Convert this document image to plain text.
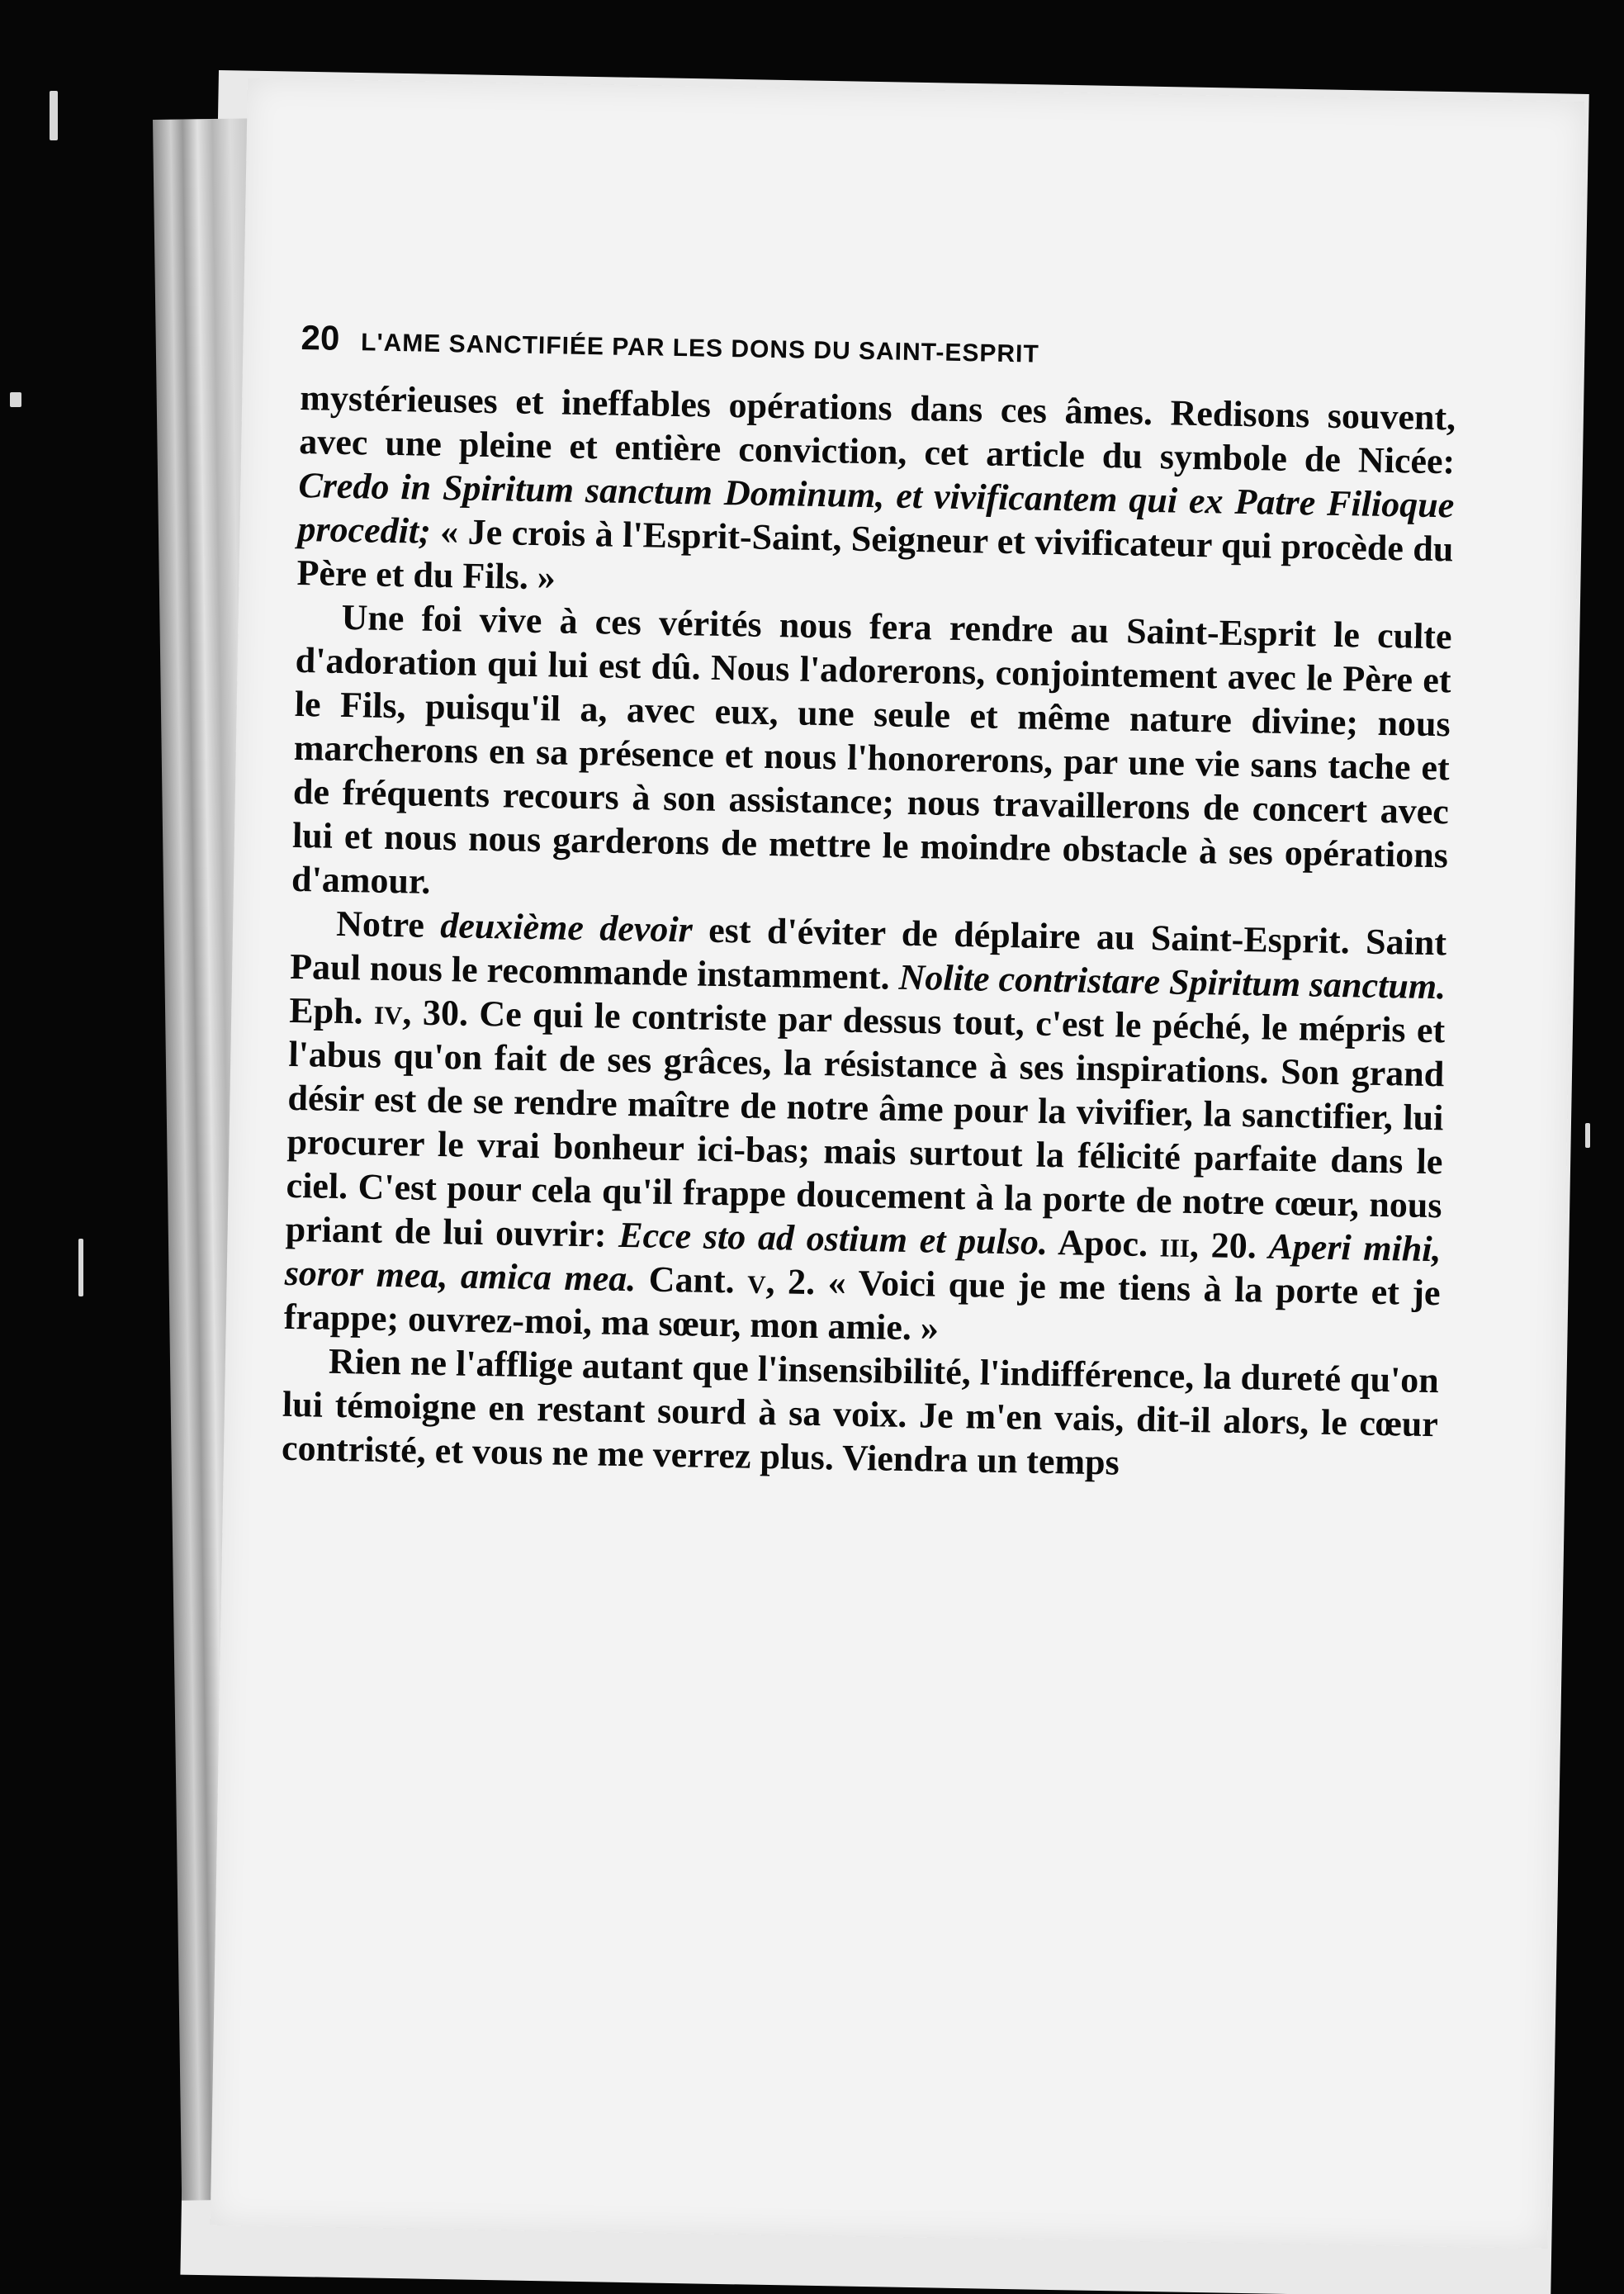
20 L'AME SANCTIFIÉE PAR LES DONS DU SAINT-ESPRIT

mystérieuses et ineffables opérations dans ces âmes. Redisons souvent, avec une pleine et entière conviction, cet article du symbole de Nicée: Credo in Spiritum sanctum Dominum, et vivificantem qui ex Patre Filioque procedit; « Je crois à l'Esprit-Saint, Seigneur et vivificateur qui procède du Père et du Fils. »

Une foi vive à ces vérités nous fera rendre au Saint-Esprit le culte d'adoration qui lui est dû. Nous l'adorerons, conjointement avec le Père et le Fils, puisqu'il a, avec eux, une seule et même nature divine; nous marcherons en sa présence et nous l'honorerons, par une vie sans tache et de fréquents recours à son assistance; nous travaillerons de concert avec lui et nous nous garderons de mettre le moindre obstacle à ses opérations d'amour.

Notre deuxième devoir est d'éviter de déplaire au Saint-Esprit. Saint Paul nous le recommande instamment. Nolite contristare Spiritum sanctum. Eph. iv, 30. Ce qui le contriste par dessus tout, c'est le péché, le mépris et l'abus qu'on fait de ses grâces, la résistance à ses inspirations. Son grand désir est de se rendre maître de notre âme pour la vivifier, la sanctifier, lui procurer le vrai bonheur ici-bas; mais surtout la félicité parfaite dans le ciel. C'est pour cela qu'il frappe doucement à la porte de notre cœur, nous priant de lui ouvrir: Ecce sto ad ostium et pulso. Apoc. iii, 20. Aperi mihi, soror mea, amica mea. Cant. v, 2. « Voici que je me tiens à la porte et je frappe; ouvrez-moi, ma sœur, mon amie. »

Rien ne l'afflige autant que l'insensibilité, l'indifférence, la dureté qu'on lui témoigne en restant sourd à sa voix. Je m'en vais, dit-il alors, le cœur contristé, et vous ne me verrez plus. Viendra un temps
